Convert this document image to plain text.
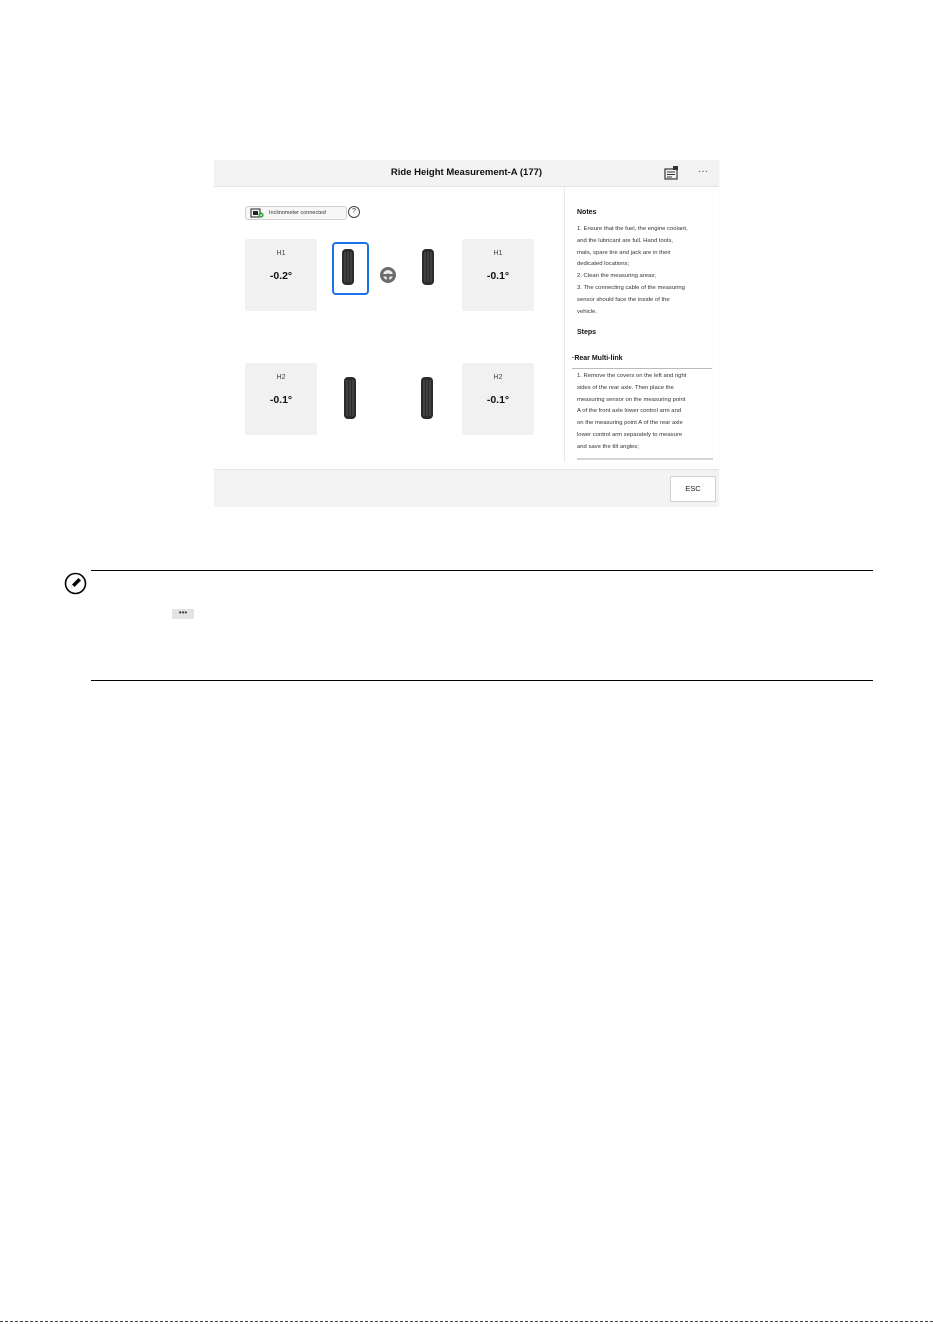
Ride Height Measurement-A (177)	···
Inclinometer connected	?
H1
-0.2°
H1
-0.1°
H2
-0.1°
H2
-0.1°
Notes
1. Ensure that the fuel, the engine coolant,
and the lubricant are full. Hand tools,
mats, spare tire and jack are in their
dedicated locations;
2. Clean the measuring areas;
3. The connecting cable of the measuring
sensor should face the inside of the
vehicle.
Steps
·Rear Multi-link
1. Remove the covers on the left and right
sides of the rear axle. Then place the
measuring sensor on the measuring point
A of the front axle lower control arm and
on the measuring point A of the rear axle
lower control arm separately to measure
and save the tilt angles;
ESC
•••
